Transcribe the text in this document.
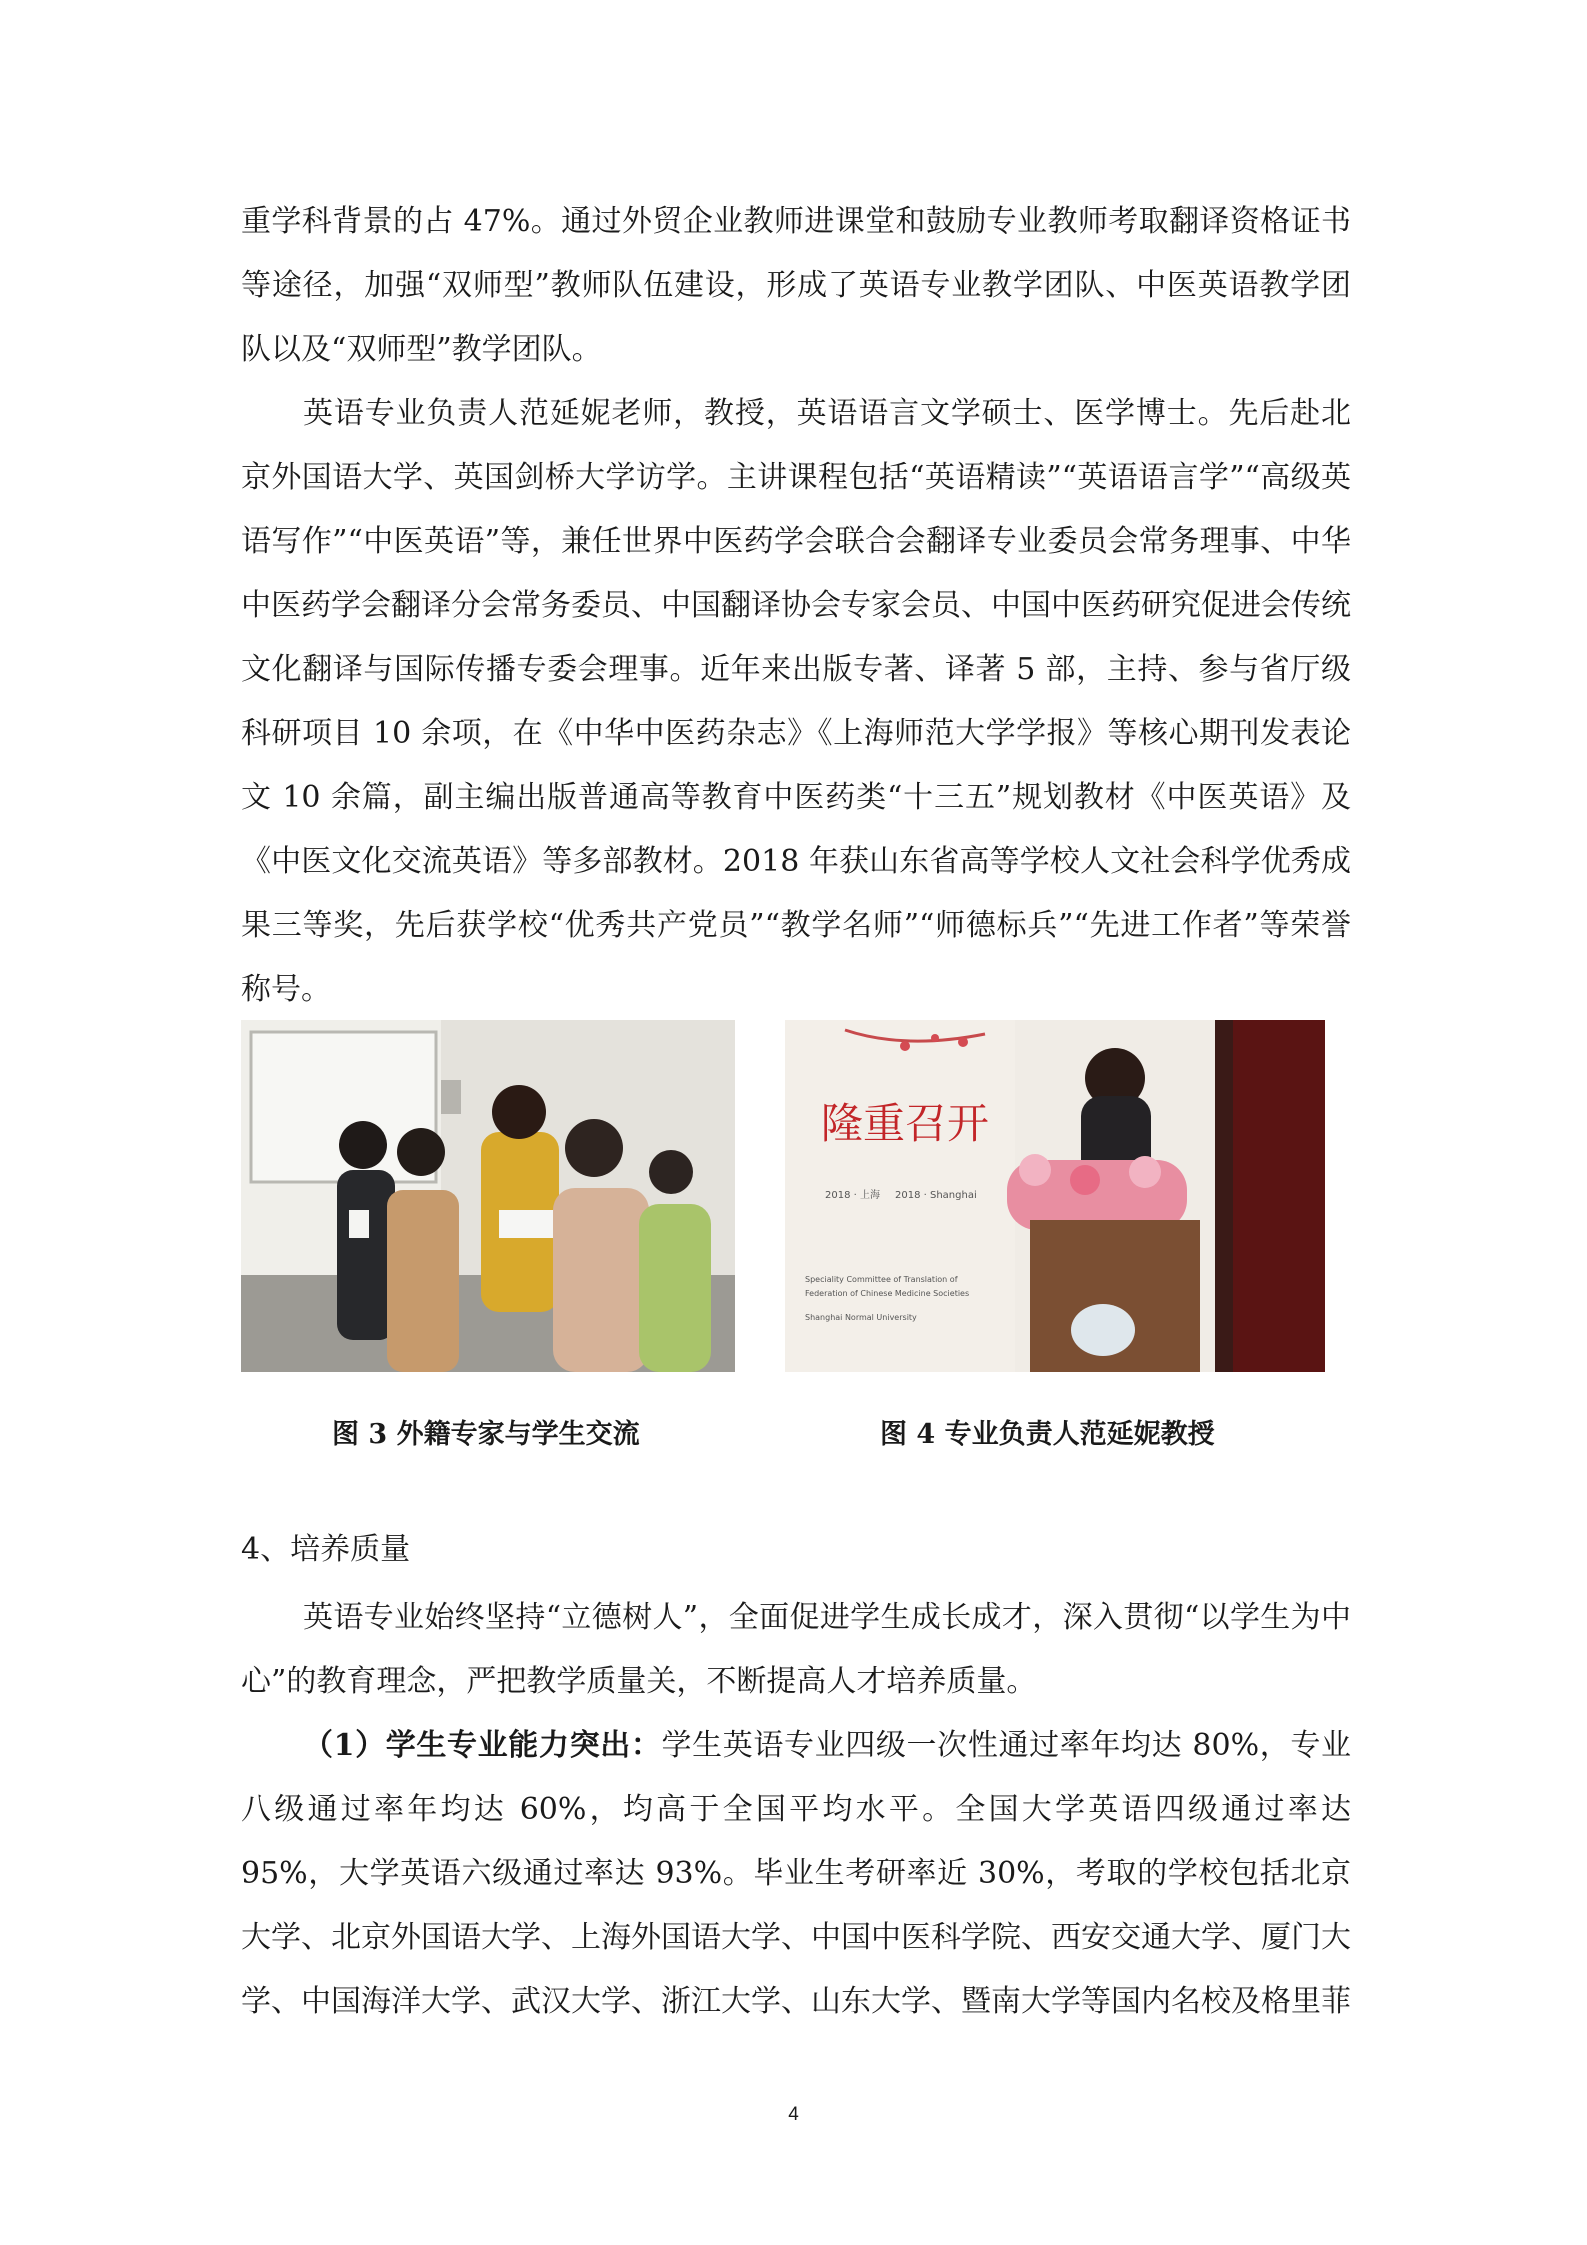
重学科背景的占 47%。通过外贸企业教师进课堂和鼓励专业教师考取翻译资格证书等途径，加强“双师型”教师队伍建设，形成了英语专业教学团队、中医英语教学团队以及“双师型”教学团队。

英语专业负责人范延妮老师，教授，英语语言文学硕士、医学博士。先后赴北京外国语大学、英国剑桥大学访学。主讲课程包括“英语精读”“英语语言学”“高级英语写作”“中医英语”等，兼任世界中医药学会联合会翻译专业委员会常务理事、中华中医药学会翻译分会常务委员、中国翻译协会专家会员、中国中医药研究促进会传统文化翻译与国际传播专委会理事。近年来出版专著、译著 5 部，主持、参与省厅级科研项目 10 余项，在《中华中医药杂志》《上海师范大学学报》等核心期刊发表论文 10 余篇，副主编出版普通高等教育中医药类“十三五”规划教材《中医英语》及《中医文化交流英语》等多部教材。2018 年获山东省高等学校人文社会科学优秀成果三等奖，先后获学校“优秀共产党员”“教学名师”“师德标兵”“先进工作者”等荣誉称号。

隆重召开
2018 · 上海 2018 · Shanghai
Speciality Committee of Translation of
Federation of Chinese Medicine Societies
Shanghai Normal University
图 3 外籍专家与学生交流	图 4 专业负责人范延妮教授
4、培养质量

英语专业始终坚持“立德树人”，全面促进学生成长成才，深入贯彻“以学生为中心”的教育理念，严把教学质量关，不断提高人才培养质量。

（1）学生专业能力突出：学生英语专业四级一次性通过率年均达 80%，专业八级通过率年均达 60%，均高于全国平均水平。全国大学英语四级通过率达 95%，大学英语六级通过率达 93%。毕业生考研率近 30%，考取的学校包括北京大学、北京外国语大学、上海外国语大学、中国中医科学院、西安交通大学、厦门大学、中国海洋大学、武汉大学、浙江大学、山东大学、暨南大学等国内名校及格里菲

4
